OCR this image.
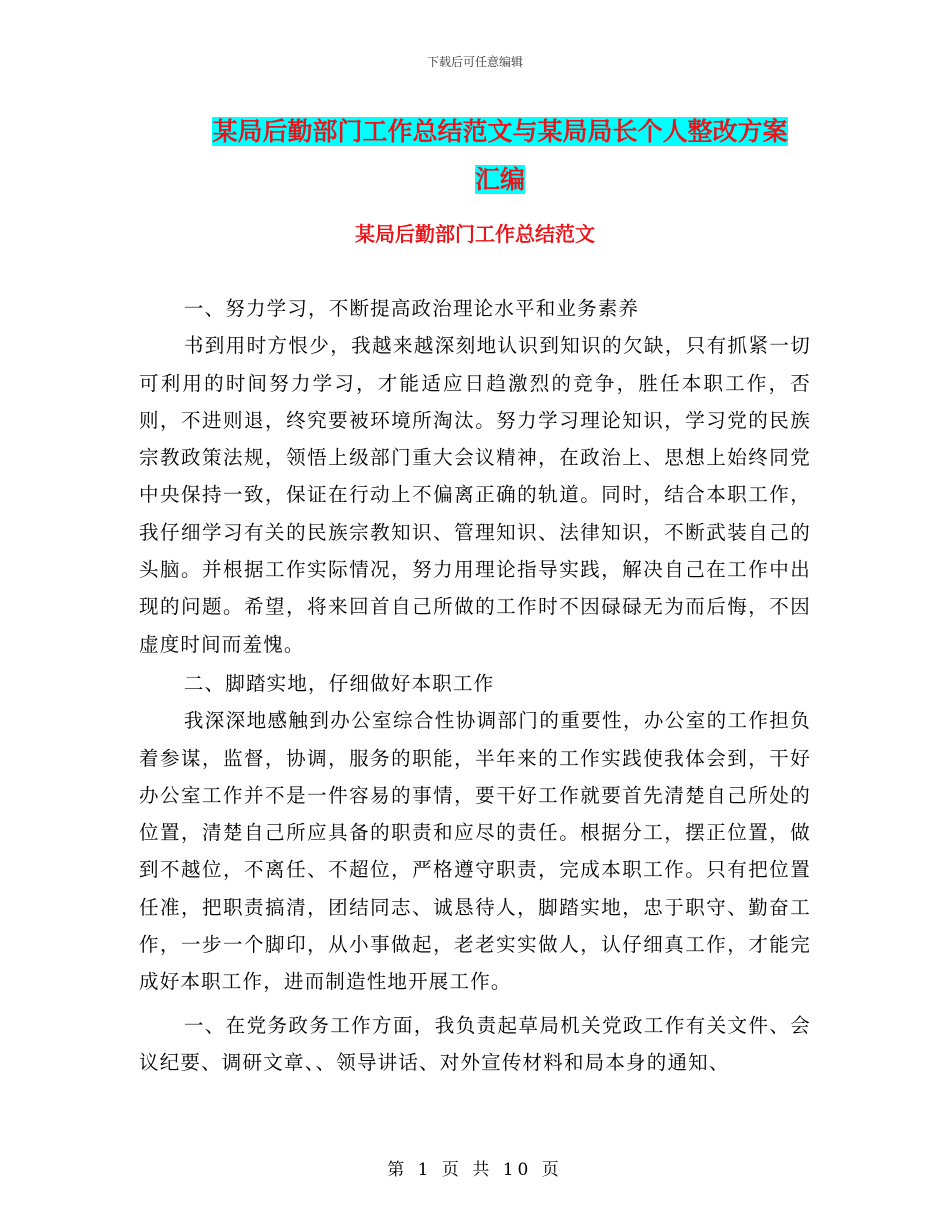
下载后可任意编辑
某局后勤部门工作总结范文与某局局长个人整改方案
汇编
某局后勤部门工作总结范文

一、努力学习，不断提高政治理论水平和业务素养

书到用时方恨少，我越来越深刻地认识到知识的欠缺，只有抓紧一切可利用的时间努力学习，才能适应日趋激烈的竞争，胜任本职工作，否则，不进则退，终究要被环境所淘汰。努力学习理论知识，学习党的民族宗教政策法规，领悟上级部门重大会议精神，在政治上、思想上始终同党中央保持一致，保证在行动上不偏离正确的轨道。同时，结合本职工作，我仔细学习有关的民族宗教知识、管理知识、法律知识，不断武装自己的头脑。并根据工作实际情况，努力用理论指导实践，解决自己在工作中出现的问题。希望，将来回首自己所做的工作时不因碌碌无为而后悔，不因虚度时间而羞愧。

二、脚踏实地，仔细做好本职工作

我深深地感触到办公室综合性协调部门的重要性，办公室的工作担负着参谋，监督，协调，服务的职能，半年来的工作实践使我体会到，干好办公室工作并不是一件容易的事情，要干好工作就要首先清楚自己所处的位置，清楚自己所应具备的职责和应尽的责任。根据分工，摆正位置，做到不越位，不离任、不超位，严格遵守职责，完成本职工作。只有把位置任准，把职责搞清，团结同志、诚恳待人，脚踏实地，忠于职守、勤奋工作，一步一个脚印，从小事做起，老老实实做人，认仔细真工作，才能完成好本职工作，进而制造性地开展工作。

一、在党务政务工作方面，我负责起草局机关党政工作有关文件、会议纪要、调研文章、、领导讲话、对外宣传材料和局本身的通知、

第 1 页 共 10 页
